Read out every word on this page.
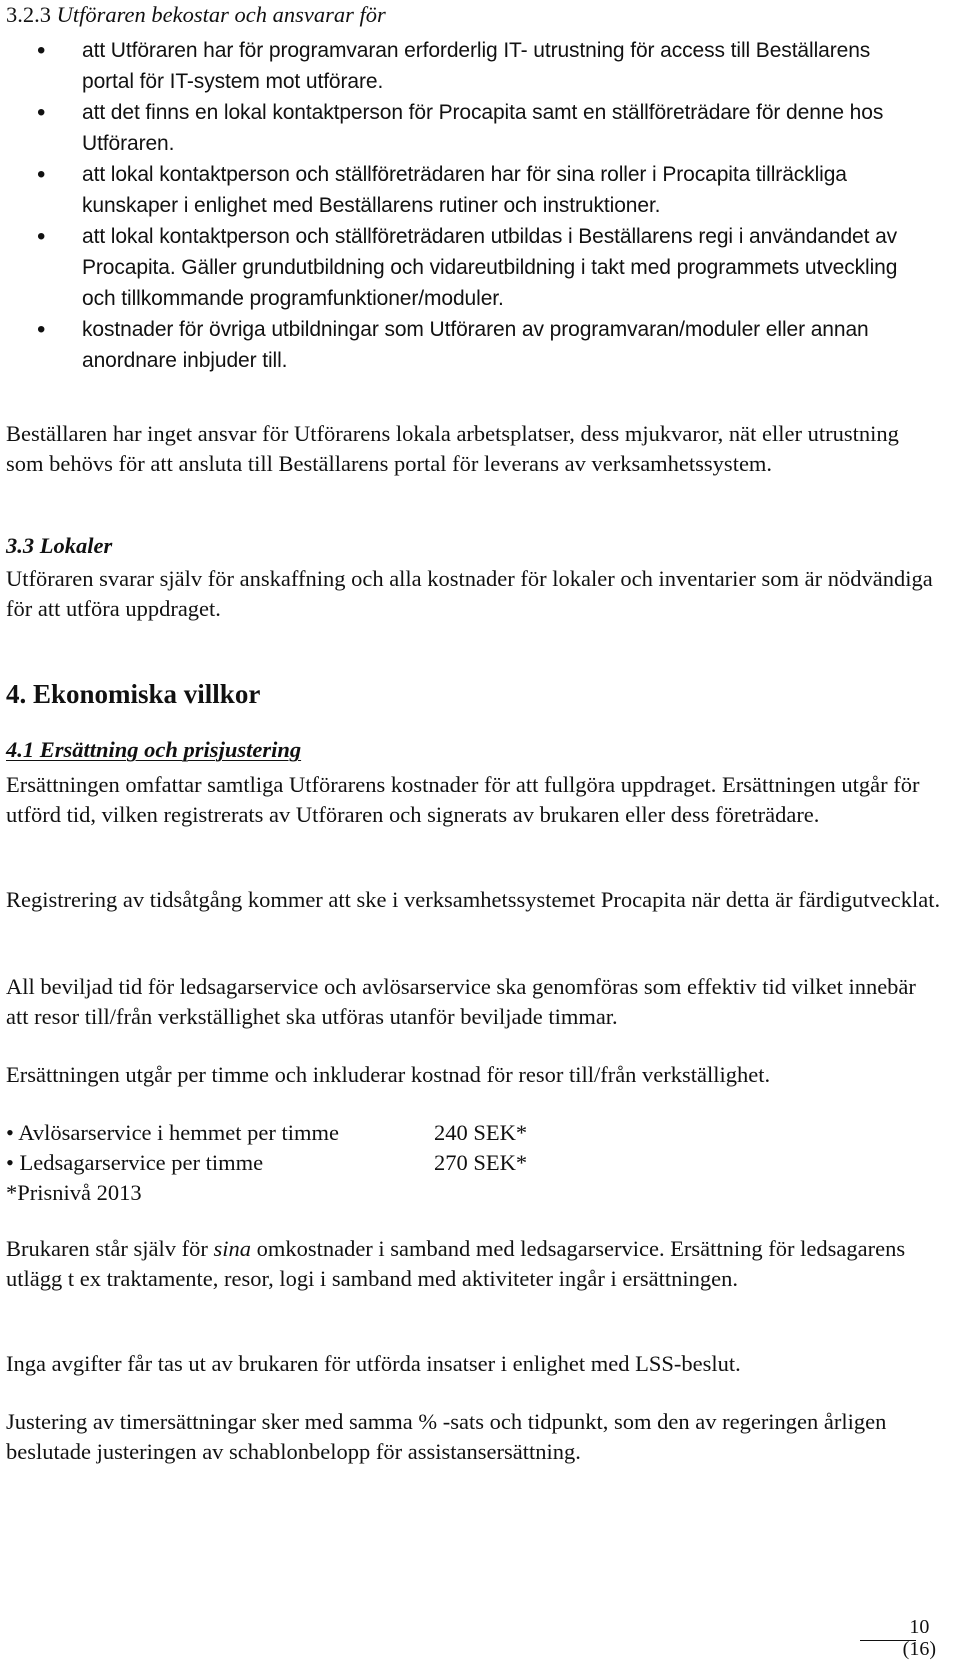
3.2.3 Utföraren bekostar och ansvarar för
• att Utföraren har för programvaran erforderlig IT- utrustning för access till Beställarens portal för IT-system mot utförare.
• att det finns en lokal kontaktperson för Procapita samt en ställföreträdare för denne hos Utföraren.
• att lokal kontaktperson och ställföreträdaren har för sina roller i Procapita tillräckliga kunskaper i enlighet med Beställarens rutiner och instruktioner.
• att lokal kontaktperson och ställföreträdaren utbildas i Beställarens regi i användandet av Procapita. Gäller grundutbildning och vidareutbildning i takt med programmets utveckling och tillkommande programfunktioner/moduler.
• kostnader för övriga utbildningar som Utföraren av programvaran/moduler eller annan anordnare inbjuder till.

Beställaren har inget ansvar för Utförarens lokala arbetsplatser, dess mjukvaror, nät eller utrustning som behövs för att ansluta till Beställarens portal för leverans av verksamhetssystem.

3.3 Lokaler

Utföraren svarar själv för anskaffning och alla kostnader för lokaler och inventarier som är nödvändiga för att utföra uppdraget.

4. Ekonomiska villkor
4.1 Ersättning och prisjustering

Ersättningen omfattar samtliga Utförarens kostnader för att fullgöra uppdraget. Ersättningen utgår för utförd tid, vilken registrerats av Utföraren och signerats av brukaren eller dess företrädare.

Registrering av tidsåtgång kommer att ske i verksamhetssystemet Procapita när detta är färdigutvecklat.

All beviljad tid för ledsagarservice och avlösarservice ska genomföras som effektiv tid vilket innebär att resor till/från verkställighet ska utföras utanför beviljade timmar.

Ersättningen utgår per timme och inkluderar kostnad för resor till/från verkställighet.

• Avlösarservice i hemmet per timme	240 SEK*
• Ledsagarservice per timme	270 SEK*
*Prisnivå 2013

Brukaren står själv för sina omkostnader i samband med ledsagarservice. Ersättning för ledsagarens utlägg t ex traktamente, resor, logi i samband med aktiviteter ingår i ersättningen.

Inga avgifter får tas ut av brukaren för utförda insatser i enlighet med LSS-beslut.

Justering av timersättningar sker med samma % -sats och tidpunkt, som den av regeringen årligen beslutade justeringen av schablonbelopp för assistansersättning.

10
(16)
